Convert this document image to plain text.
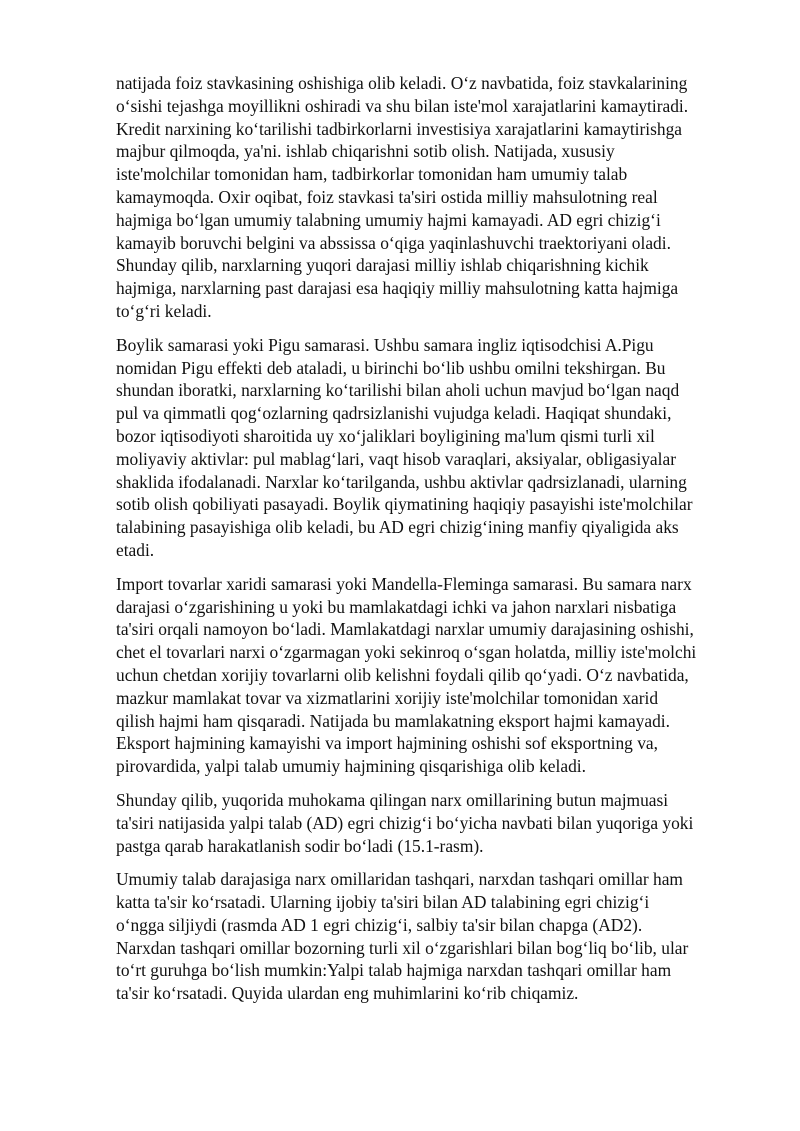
natijada foiz stavkasining oshishiga olib keladi. O‘z navbatida, foiz stavkalarining
o‘sishi tejashga moyillikni oshiradi va shu bilan iste'mol xarajatlarini kamaytiradi.
Kredit narxining ko‘tarilishi tadbirkorlarni investisiya xarajatlarini kamaytirishga
majbur qilmoqda, ya'ni. ishlab chiqarishni sotib olish. Natijada, xususiy
iste'molchilar tomonidan ham, tadbirkorlar tomonidan ham umumiy talab
kamaymoqda. Oxir oqibat, foiz stavkasi ta'siri ostida milliy mahsulotning real
hajmiga bo‘lgan umumiy talabning umumiy hajmi kamayadi. AD egri chizig‘i
kamayib boruvchi belgini va abssissa o‘qiga yaqinlashuvchi traektoriyani oladi.
Shunday qilib, narxlarning yuqori darajasi milliy ishlab chiqarishning kichik
hajmiga, narxlarning past darajasi esa haqiqiy milliy mahsulotning katta hajmiga
to‘g‘ri keladi.

Boylik samarasi yoki Pigu samarasi. Ushbu samara ingliz iqtisodchisi A.Pigu
nomidan Pigu effekti deb ataladi, u birinchi bo‘lib ushbu omilni tekshirgan. Bu
shundan iboratki, narxlarning ko‘tarilishi bilan aholi uchun mavjud bo‘lgan naqd
pul va qimmatli qog‘ozlarning qadrsizlanishi vujudga keladi. Haqiqat shundaki,
bozor iqtisodiyoti sharoitida uy xo‘jaliklari boyligining ma'lum qismi turli xil
moliyaviy aktivlar: pul mablag‘lari, vaqt hisob varaqlari, aksiyalar, obligasiyalar
shaklida ifodalanadi. Narxlar ko‘tarilganda, ushbu aktivlar qadrsizlanadi, ularning
sotib olish qobiliyati pasayadi. Boylik qiymatining haqiqiy pasayishi iste'molchilar
talabining pasayishiga olib keladi, bu AD egri chizig‘ining manfiy qiyaligida aks
etadi.

Import tovarlar xaridi samarasi yoki Mandella-Fleminga samarasi. Bu samara narx
darajasi o‘zgarishining u yoki bu mamlakatdagi ichki va jahon narxlari nisbatiga
ta'siri orqali namoyon bo‘ladi. Mamlakatdagi narxlar umumiy darajasining oshishi,
chet el tovarlari narxi o‘zgarmagan yoki sekinroq o‘sgan holatda, milliy iste'molchi
uchun chetdan xorijiy tovarlarni olib kelishni foydali qilib qo‘yadi. O‘z navbatida,
mazkur mamlakat tovar va xizmatlarini xorijiy iste'molchilar tomonidan xarid
qilish hajmi ham qisqaradi. Natijada bu mamlakatning eksport hajmi kamayadi.
Eksport hajmining kamayishi va import hajmining oshishi sof eksportning va,
pirovardida, yalpi talab umumiy hajmining qisqarishiga olib keladi.

Shunday qilib, yuqorida muhokama qilingan narx omillarining butun majmuasi
ta'siri natijasida yalpi talab (AD) egri chizig‘i bo‘yicha navbati bilan yuqoriga yoki
pastga qarab harakatlanish sodir bo‘ladi (15.1-rasm).

Umumiy talab darajasiga narx omillaridan tashqari, narxdan tashqari omillar ham
katta ta'sir ko‘rsatadi. Ularning ijobiy ta'siri bilan AD talabining egri chizig‘i
o‘ngga siljiydi (rasmda AD 1 egri chizig‘i, salbiy ta'sir bilan chapga (AD2).
Narxdan tashqari omillar bozorning turli xil o‘zgarishlari bilan bog‘liq bo‘lib, ular
to‘rt guruhga bo‘lish mumkin:Yalpi talab hajmiga narxdan tashqari omillar ham
ta'sir ko‘rsatadi. Quyida ulardan eng muhimlarini ko‘rib chiqamiz.
